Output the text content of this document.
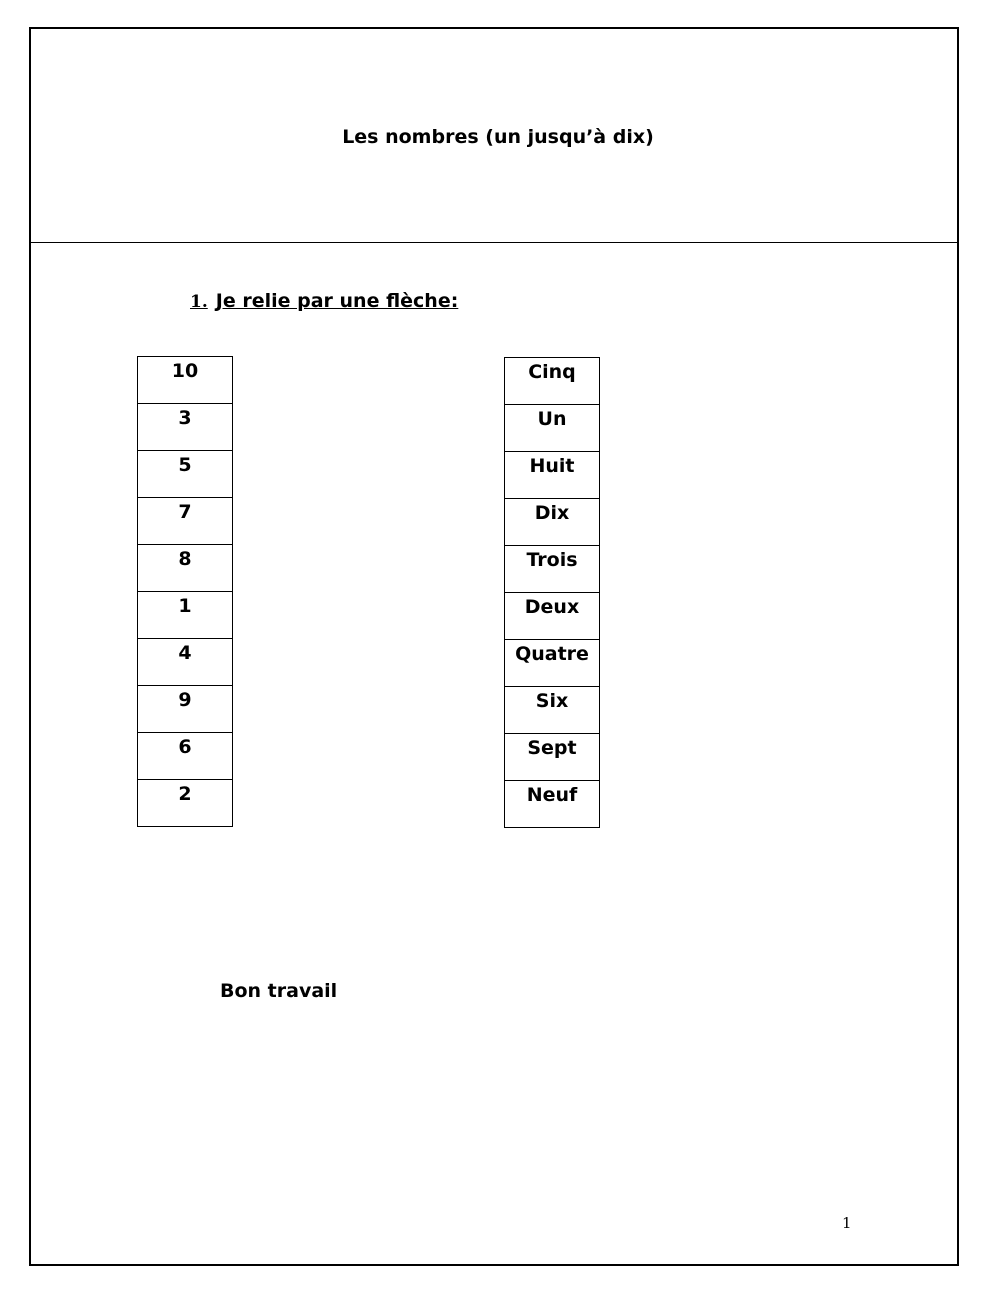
Les nombres (un jusqu’à dix)
1. Je relie par une flèche:
10
3
5
7
8
1
4
9
6
2
Cinq
Un
Huit
Dix
Trois
Deux
Quatre
Six
Sept
Neuf
Bon travail
1
